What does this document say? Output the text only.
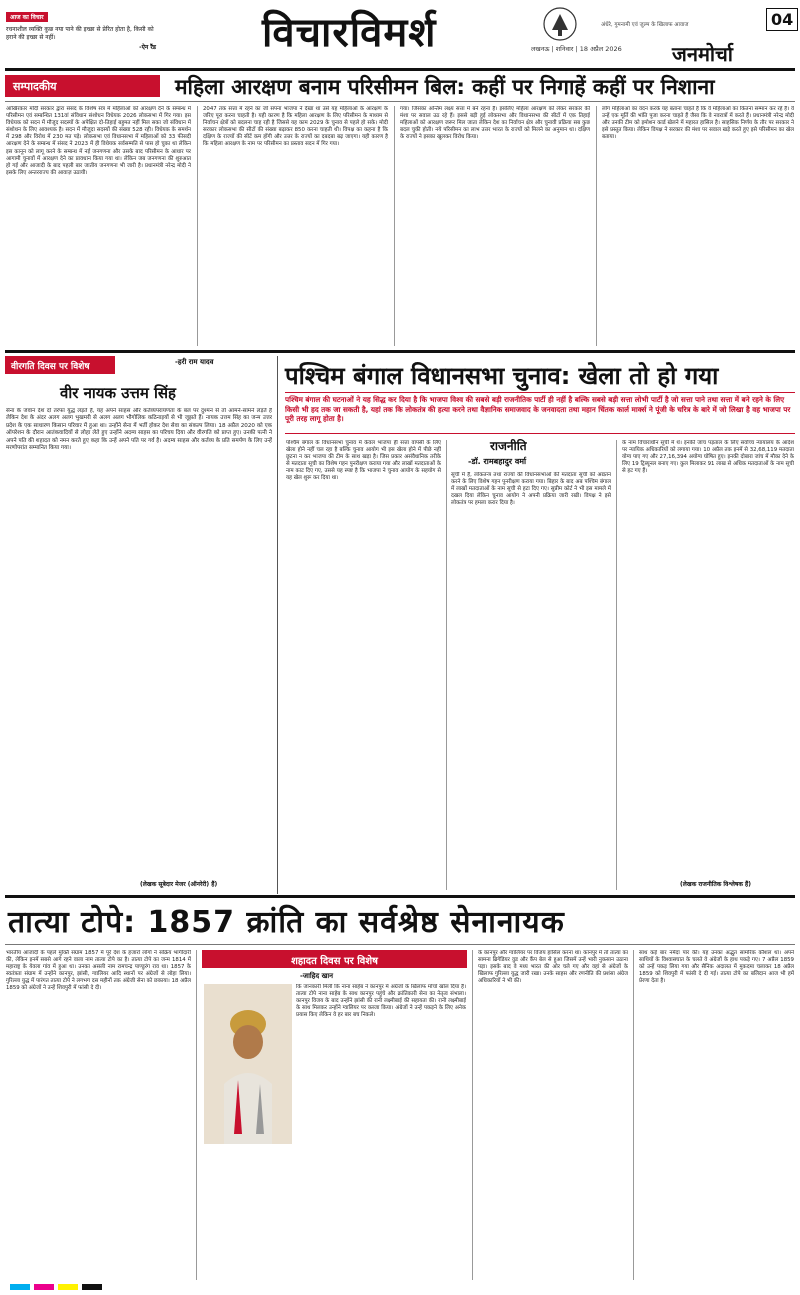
आज का विचार
रचनाशील व्यक्ति कुछ नया पाने की इच्छा से प्रेरित होता है, किसी को हराने की इच्छा से नहीं।
-ऐन रैंड	विचारविमर्श	लखनऊ | शनिवार | 18 अप्रैल 2026
अंधेरे, गुमनामी एवं जुल्म के खिलाफ आवाज	04
जनमोर्चा
सम्पादकीय	महिला आरक्षण बनाम परिसीमन बिल: कहीं पर निगाहें कहीं पर निशाना
आखिरकार मोदी सरकार द्वारा संसद के विशेष सत्र में महिलाओं को आरक्षण देने के सम्बन्ध में परिसीमन एवं सम्बन्धित 131वां संविधान संशोधन विधेयक 2026 लोकसभा में गिर गया। इस विधेयक को सदन में मौजूद सदस्यों के अपेक्षित दो-तिहाई बहुमत नहीं मिल सका जो संविधान में संशोधन के लिए आवश्यक है। सदन में मौजूदा सदस्यों की संख्या 528 रही। विधेयक के समर्थन में 298 और विरोध में 230 मत पड़े। लोकसभा एवं विधानसभा में महिलाओं को 33 फीसदी आरक्षण देने के सम्बन्ध में संसद ने 2023 में ही विधेयक सर्वसम्मति से पास हो चुका था लेकिन इस कानून को लागू करने के सम्बन्ध में नई जनगणना और उसके बाद परिसीमन के आधार पर आगामी चुनावों में आरक्षण देने का प्रावधान किया गया था। लेकिन जब जनगणना की शुरुआत हो गई और आजादी के बाद पहली बार जातीय जनगणना भी जारी है। प्रधानमंत्री नरेन्द्र मोदी ने इसके लिए अन्तरराज्य की आवाज़ उठायी।
2047 तक सत्ता में रहने का जो सपना भाजपा ने देखा था उसे यह महिलाओं के आरक्षण के जरिए पूरा करना चाहती है। यही कारण है कि महिला आरक्षण के लिए परिसीमन के माध्यम से निर्वाचन क्षेत्रों को बदलना चाह रही है जिससे यह काम 2029 के चुनाव से पहले हो सके। मोदी सरकार लोकसभा की सीटों की संख्या बढ़ाकर 850 करना चाहती थी। विपक्ष का कहना है कि दक्षिण के राज्यों की सीटें कम होंगी और उत्तर के राज्यों का दबदबा बढ़ जाएगा। यही कारण है कि महिला आरक्षण के नाम पर परिसीमन का प्रस्ताव सदन में गिर गया।
गया। जिसका अन्तिम लक्ष्य सत्ता में बने रहना है। इसलिए महिला आरक्षण को लेकर सरकार की मंशा पर सवाल उठ रहे हैं। इससे बड़ी हुई लोकसभा और विधानसभा की सीटों में एक तिहाई महिलाओं को आरक्षण जरूर मिल जाता लेकिन देश का निर्वाचन क्षेत्र और चुनावी प्रक्रिया सब कुछ बदल चुकी होती। नये परिसीमन का लाभ उत्तर भारत के राज्यों को मिलने का अनुमान था। दक्षिण के राज्यों ने इसका खुलकर विरोध किया।
लोग महिलाओं का वंदन करके यह बताना चाहते हैं कि वे महिलाओं का कितना सम्मान कर रहे हैं। वे उन्हें एक मूर्ति की भांति पूजा करना चाहते हैं जैसा कि वे नवरात्रों में करते हैं। प्रधानमंत्री नरेन्द्र मोदी और उनकी टीम को इमोशन कार्ड खेलने में महारत हासिल है। साहसिक निर्णय के तौर पर सरकार ने इसे प्रस्तुत किया। लेकिन विपक्ष ने सरकार की मंशा पर सवाल खड़े करते हुए इसे परिसीमन का खेल बताया।
वीरगति दिवस पर विशेष	-हरी राम यादव
वीर नायक उत्तम सिंह
सेना के जवान देश दो तरफा युद्ध लड़ते हैं, यह अपने साहस और कर्तव्यपरायणता के बल पर दुश्मन से तो आमने-सामने लड़ते हैं लेकिन देश के अंदर अलग अलग भुखमरी से अलग अलग भौगोलिक कठिनाइयों से भी जूझते हैं। नायक उत्तम सिंह का जन्म उत्तर प्रदेश के एक साधारण किसान परिवार में हुआ था। उन्होंने सेना में भर्ती होकर देश सेवा का संकल्प लिया। 18 अप्रैल 2020 को एक ऑपरेशन के दौरान आतंकवादियों से लोहा लेते हुए उन्होंने अदम्य साहस का परिचय दिया और वीरगति को प्राप्त हुए। उनकी पत्नी ने अपने पति की शहादत को नमन करते हुए कहा कि उन्हें अपने पति पर गर्व है। अदम्य साहस और कर्तव्य के प्रति समर्पण के लिए उन्हें मरणोपरांत सम्मानित किया गया।
(लेखक सूबेदार मेजर (ऑनरेरी) हैं)
पश्चिम बंगाल विधानसभा चुनाव: खेला तो हो गया
पश्चिम बंगाल की घटनाओं ने यह सिद्ध कर दिया है कि भाजपा विश्व की सबसे बड़ी राजनीतिक पार्टी ही नहीं है बल्कि सबसे बड़ी सत्ता लोभी पार्टी है जो सत्ता पाने तथा सत्ता में बने रहने के लिए किसी भी हद तक जा सकती है, यहां तक कि लोकतंत्र की हत्या करने तथा वैज्ञानिक समाजवाद के जनवादता तथा महान चिंतक कार्ल मार्क्स ने पूंजी के चरित्र के बारे में जो लिखा है वह भाजपा पर पूरी तरह लागू होता है।
पश्चिम बंगाल के विधानसभा चुनाव में केवल भाजपा ही सत्ता वापसी के लिए खेला होने नहीं चल रहा है बल्कि चुनाव आयोग भी इस खेला होने में पीछे नहीं छूटना न कर भाजपा की टीम के साथ खड़ा है। जिस प्रकार असंवैधानिक तरीके से मतदाता सूची का विशेष गहन पुनरीक्षण कराया गया और लाखों मतदाताओं के नाम काट दिए गए, उससे यह स्पष्ट है कि भाजपा ने चुनाव आयोग के सहयोग से यह खेल शुरू कर दिया था।
राजनीति
-डॉ. रामबहादुर वर्मा
सूची में है, लोकतन्त्र तथा राज्यों की विधानसभाओं की मतदाता सूची को अद्यतन करने के लिए विशेष गहन पुनरीक्षण कराया गया। बिहार के बाद अब पश्चिम बंगाल में लाखों मतदाताओं के नाम सूची से हटा दिए गए। सुप्रीम कोर्ट ने भी इस मामले में दखल दिया लेकिन चुनाव आयोग ने अपनी प्रक्रिया जारी रखी। विपक्ष ने इसे लोकतंत्र पर हमला करार दिया है।
के नाम विचाराधीन सूची में थे। इनकी जांच पड़ताल के लिए सर्वोच्च न्यायालय के आदेश पर न्यायिक अधिकारियों को लगाया गया। 10 अप्रैल तक इनमें से 32,68,119 मतदाता योग्य पाए गए और 27,16,394 अयोग्य घोषित हुए। इनकी दोबारा जांच में मौका देने के लिए 19 ट्रिब्यूनल बनाए गए। कुल मिलाकर 91 लाख से अधिक मतदाताओं के नाम सूची से हट गए हैं।
(लेखक राजनीतिक विश्लेषक हैं)
तात्या टोपे: 1857 क्रांति का सर्वश्रेष्ठ सेनानायक
भारतीय आजादी के पहले मुक्ति संग्राम 1857 में पूरे देश के हजारों लोगों ने सक्रिय भागीदारी की, लेकिन इनमें सबसे आगे रहने वाला नाम तात्या टोपे का है। तात्या टोपे का जन्म 1814 में महाराष्ट्र के येवला गांव में हुआ था। उनका असली नाम रामचन्द्र पाण्डुरंग राव था। 1857 के स्वतंत्रता संग्राम में उन्होंने कानपुर, झांसी, ग्वालियर आदि स्थानों पर अंग्रेजों से लोहा लिया। गुरिल्ला युद्ध में पारंगत तात्या टोपे ने लगभग दस महीनों तक अंग्रेजी सेना को छकाया। 18 अप्रैल 1859 को अंग्रेजों ने उन्हें शिवपुरी में फांसी दे दी।
शहादत दिवस पर विशेष
-जाहिद खान
कि जानकारी मिली कि नाना साहेब ने कानपुर में अंग्रेजों के खिलाफ मोर्चा खोल दिया है। तात्या टोपे नाना साहेब के साथ कानपुर पहुंचे और क्रांतिकारी सेना का नेतृत्व संभाला। कानपुर विजय के बाद उन्होंने झांसी की रानी लक्ष्मीबाई की सहायता की। रानी लक्ष्मीबाई के साथ मिलकर उन्होंने ग्वालियर पर कब्जा किया। अंग्रेजों ने उन्हें पकड़ने के लिए अनेक प्रयास किए लेकिन वे हर बार बच निकले।
के कानपुर और ग्वालियर पर विजय हासिल करना था। कानपुर में तो तात्या का सामना ब्रिगेडियर वुड और कैंप बेल से हुआ जिसमें उन्हें भारी नुकसान उठाना पड़ा। इसके बाद वे मध्य भारत की ओर चले गए और वहां से अंग्रेजों के खिलाफ गुरिल्ला युद्ध जारी रखा। उनके साहस और रणनीति की प्रशंसा अंग्रेज अधिकारियों ने भी की।
साथ कई बार नर्मदा पार की। यह उनका अद्भुत सामरिक कौशल था। अपने साथियों के विश्वासघात के चलते वे अंग्रेजों के हाथ पकड़े गए। 7 अप्रैल 1859 को उन्हें पकड़ लिया गया और सैनिक अदालत में मुकदमा चलाकर 18 अप्रैल 1859 को शिवपुरी में फांसी दे दी गई। तात्या टोपे का बलिदान आज भी हमें प्रेरणा देता है।
